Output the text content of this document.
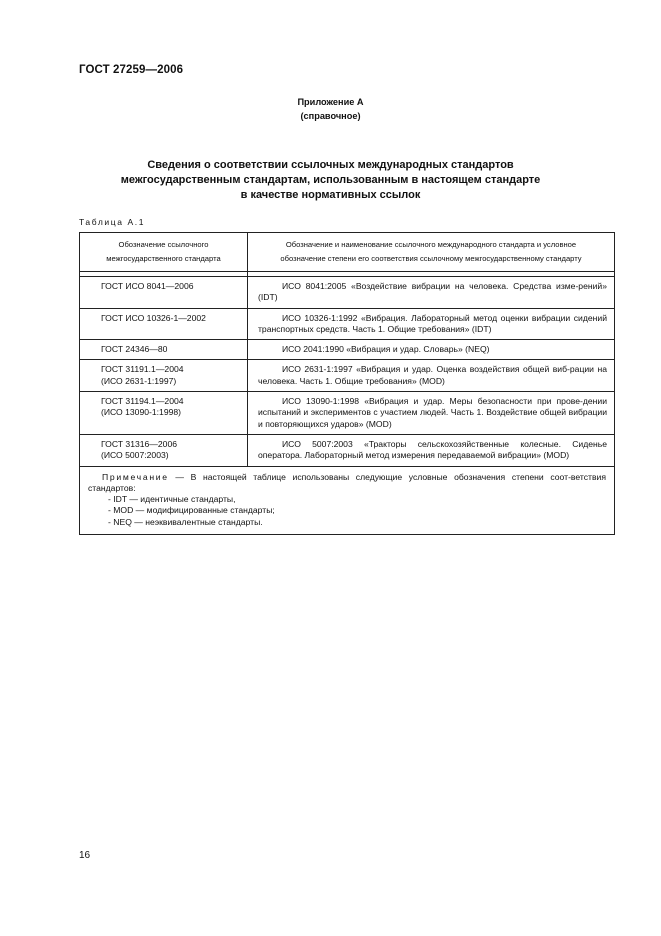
ГОСТ 27259—2006
Приложение А
(справочное)
Сведения о соответствии ссылочных международных стандартов
межгосударственным стандартам, использованным в настоящем стандарте
в качестве нормативных ссылок
Таблица А.1
Обозначение ссылочного
межгосударственного стандарта	Обозначение и наименование ссылочного международного стандарта и условное
обозначение степени его соответствия ссылочному межгосударственному стандарту

ГОСТ ИСО 8041—2006	ИСО 8041:2005 «Воздействие вибрации на человека. Средства изме-рений» (IDT)

ГОСТ ИСО 10326-1—2002	ИСО 10326-1:1992 «Вибрация. Лабораторный метод оценки вибрации сидений транспортных средств. Часть 1. Общие требования» (IDT)

ГОСТ 24346—80	ИСО 2041:1990 «Вибрация и удар. Словарь» (NEQ)

ГОСТ 31191.1—2004
(ИСО 2631-1:1997)	ИСО 2631-1:1997 «Вибрация и удар. Оценка воздействия общей виб-рации на человека. Часть 1. Общие требования» (MOD)

ГОСТ 31194.1—2004
(ИСО 13090-1:1998)	ИСО 13090-1:1998 «Вибрация и удар. Меры безопасности при прове-дении испытаний и экспериментов с участием людей. Часть 1. Воздействие общей вибрации и повторяющихся ударов» (MOD)

ГОСТ 31316—2006
(ИСО 5007:2003)	ИСО 5007:2003 «Тракторы сельскохозяйственные колесные. Сиденье оператора. Лабораторный метод измерения передаваемой вибрации» (MOD)

Примечание — В настоящей таблице использованы следующие условные обозначения степени соот-ветствия стандартов:
- IDT — идентичные стандарты,
- MOD — модифицированные стандарты;
- NEQ — неэквивалентные стандарты.	
16
